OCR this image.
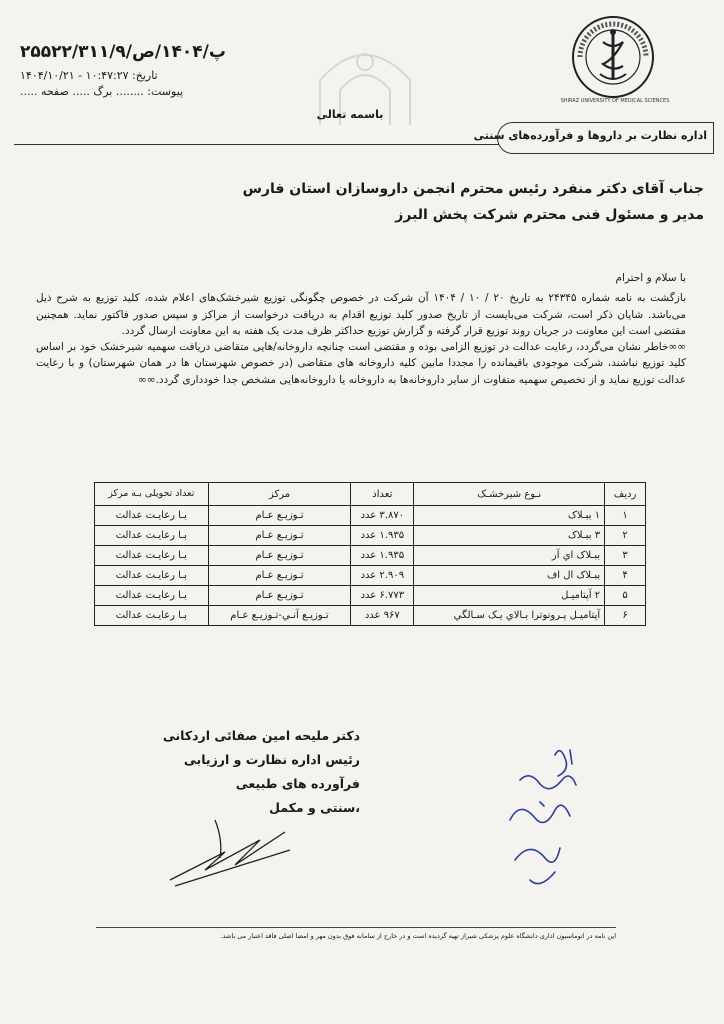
SHIRAZ UNIVERSITY OF MEDICAL SCIENCES
۲۵۵۲۲/۳۱۱/۹/پ/۱۴۰۴/ص
تاریخ: ۱۰:۴۷:۲۷ - ۱۴۰۴/۱۰/۲۱
پیوست: ........ برگ ..... صفحه .....
باسمه تعالی
اداره نظارت بر داروها و فرآورده‌های سنتی
جناب آقای دکتر منفرد رئیس محترم انجمن داروسازان استان فارس
مدیر و مسئول فنی محترم شرکت پخش البرز

با سلام و احترام

بازگشت به نامه شماره ۲۴۳۴۵ به تاریخ ۲۰ / ۱۰ / ۱۴۰۴ آن شرکت در خصوص چگونگی توزیع شیرخشک‌های اعلام شده، کلید توزیع به شرح ذیل می‌باشد. شایان ذکر است، شرکت می‌بایست از تاریخ صدور کلید توزیع اقدام به دریافت درخواست از مراکز و سپس صدور فاکتور نماید. همچنین مقتضی است این معاونت در جریان روند توزیع قرار گرفته و گزارش توزیع حداکثر ظرف مدت یک هفته به این معاونت ارسال گردد.

∞∞خاطر نشان می‌گردد، رعایت عدالت در توزیع الزامی بوده و مقتضی است چنانچه داروخانه/هایی متقاضی دریافت سهمیه شیرخشک خود بر اساس کلید توزیع نباشند، شرکت موجودی باقیمانده را مجددا مابین کلیه داروخانه های متقاضی (در خصوص شهرستان ها در همان شهرستان) و با رعایت عدالت توزیع نماید و از تخصیص سهمیه متفاوت از سایر داروخانه‌ها به داروخانه یا داروخانه‌هایی مشخص جدا خودداری گردد.∞∞

ردیف	نـوع شیرخشـک	تعداد	مرکز	تعداد تحویلی بـه مرکز
۱	۱ ببـلاک	۳.۸۷۰ عدد	تـوزیـع عـام	بـا رعایـت عدالت
۲	۳ ببـلاک	۱.۹۳۵ عدد	تـوزیـع عـام	بـا رعایـت عدالت
۳	ببـلاک اي آر	۱.۹۳۵ عدد	تـوزیـع عـام	بـا رعایـت عدالت
۴	ببـلاک ال اف	۲.۹۰۹ عدد	تـوزیـع عـام	بـا رعایـت عدالت
۵	۲ آپتامیـل	۶.۷۷۳ عدد	تـوزیـع عـام	بـا رعایـت عدالت
۶	آپتامیـل پـرونوترا بـالاي یـک سـالگي	۹۶۷ عدد	تـوزیـع آنـي-تـوزیـع عـام	بـا رعایـت عدالت
دکتر ملیحه امین صفائی اردکانی
رئیس اداره نظارت و ارزیابی فرآورده های طبیعی
،سنتی و مکمل
این نامه در اتوماسیون اداری دانشگاه علوم پزشکی شیراز تهیه گردیده است و در خارج از سامانه فوق بدون مهر و امضا اصلی فاقد اعتبار می باشد.
